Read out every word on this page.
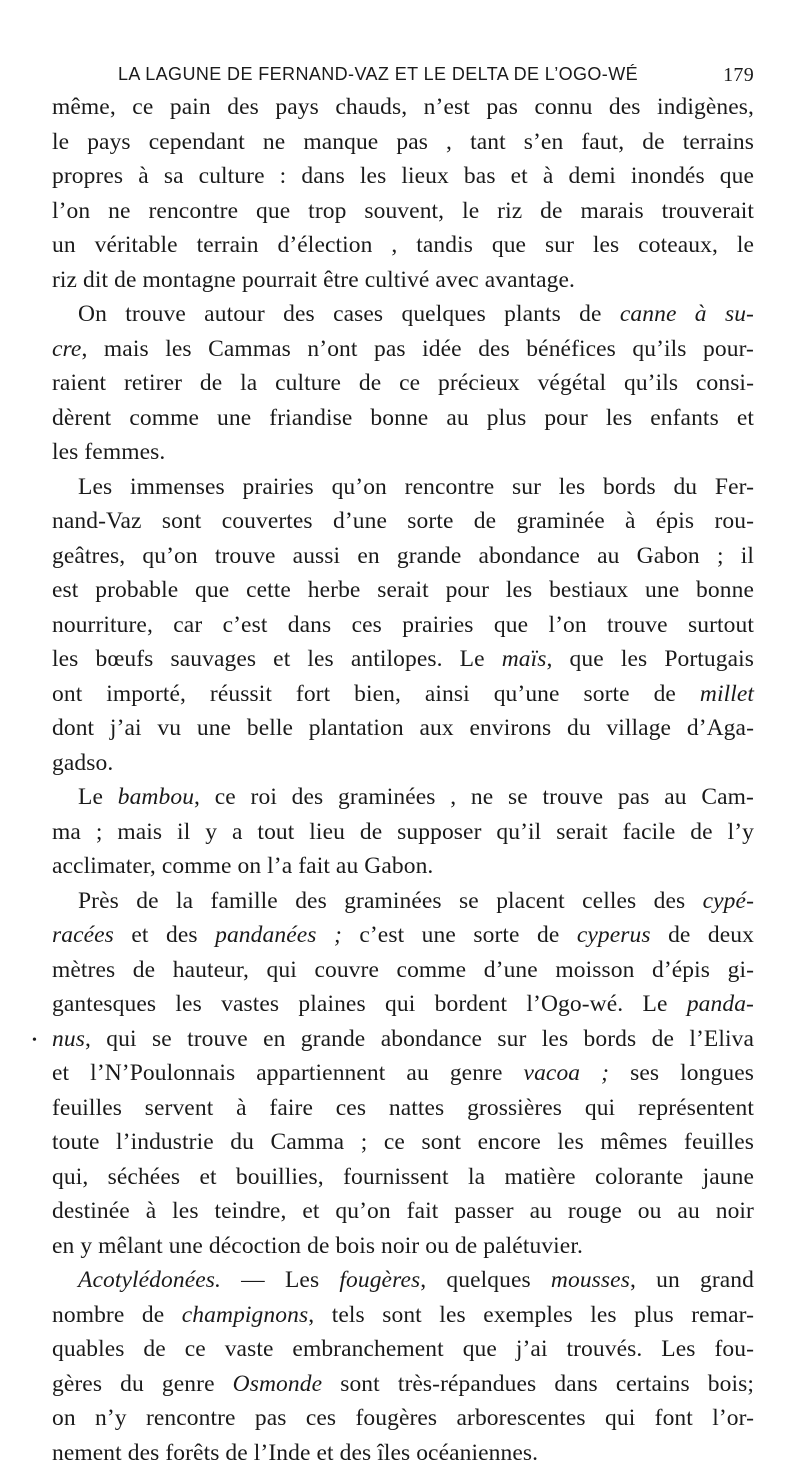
LA LAGUNE DE FERNAND-VAZ ET LE DELTA DE L’OGO-WÉ	179
même, ce pain des pays chauds, n’est pas connu des indigènes,
le pays cependant ne manque pas , tant s’en faut, de terrains
propres à sa culture : dans les lieux bas et à demi inondés que
l’on ne rencontre que trop souvent, le riz de marais trouverait
un véritable terrain d’élection , tandis que sur les coteaux, le
riz dit de montagne pourrait être cultivé avec avantage.
On trouve autour des cases quelques plants de canne à su-
cre, mais les Cammas n’ont pas idée des bénéfices qu’ils pour-
raient retirer de la culture de ce précieux végétal qu’ils consi-
dèrent comme une friandise bonne au plus pour les enfants et
les femmes.
Les immenses prairies qu’on rencontre sur les bords du Fer-
nand-Vaz sont couvertes d’une sorte de graminée à épis rou-
geâtres, qu’on trouve aussi en grande abondance au Gabon ; il
est probable que cette herbe serait pour les bestiaux une bonne
nourriture, car c’est dans ces prairies que l’on trouve surtout
les bœufs sauvages et les antilopes. Le maïs, que les Portugais
ont importé, réussit fort bien, ainsi qu’une sorte de millet
dont j’ai vu une belle plantation aux environs du village d’Aga-
gadso.
Le bambou, ce roi des graminées , ne se trouve pas au Cam-
ma ; mais il y a tout lieu de supposer qu’il serait facile de l’y
acclimater, comme on l’a fait au Gabon.
Près de la famille des graminées se placent celles des cypé-
racées et des pandanées ; c’est une sorte de cyperus de deux
mètres de hauteur, qui couvre comme d’une moisson d’épis gi-
gantesques les vastes plaines qui bordent l’Ogo-wé. Le panda-
nus, qui se trouve en grande abondance sur les bords de l’Eliva
et l’N’Poulonnais appartiennent au genre vacoa ; ses longues
feuilles servent à faire ces nattes grossières qui représentent
toute l’industrie du Camma ; ce sont encore les mêmes feuilles
qui, séchées et bouillies, fournissent la matière colorante jaune
destinée à les teindre, et qu’on fait passer au rouge ou au noir
en y mêlant une décoction de bois noir ou de palétuvier.
Acotylédonées. — Les fougères, quelques mousses, un grand
nombre de champignons, tels sont les exemples les plus remar-
quables de ce vaste embranchement que j’ai trouvés. Les fou-
gères du genre Osmonde sont très-répandues dans certains bois;
on n’y rencontre pas ces fougères arborescentes qui font l’or-
nement des forêts de l’Inde et des îles océaniennes.
•
